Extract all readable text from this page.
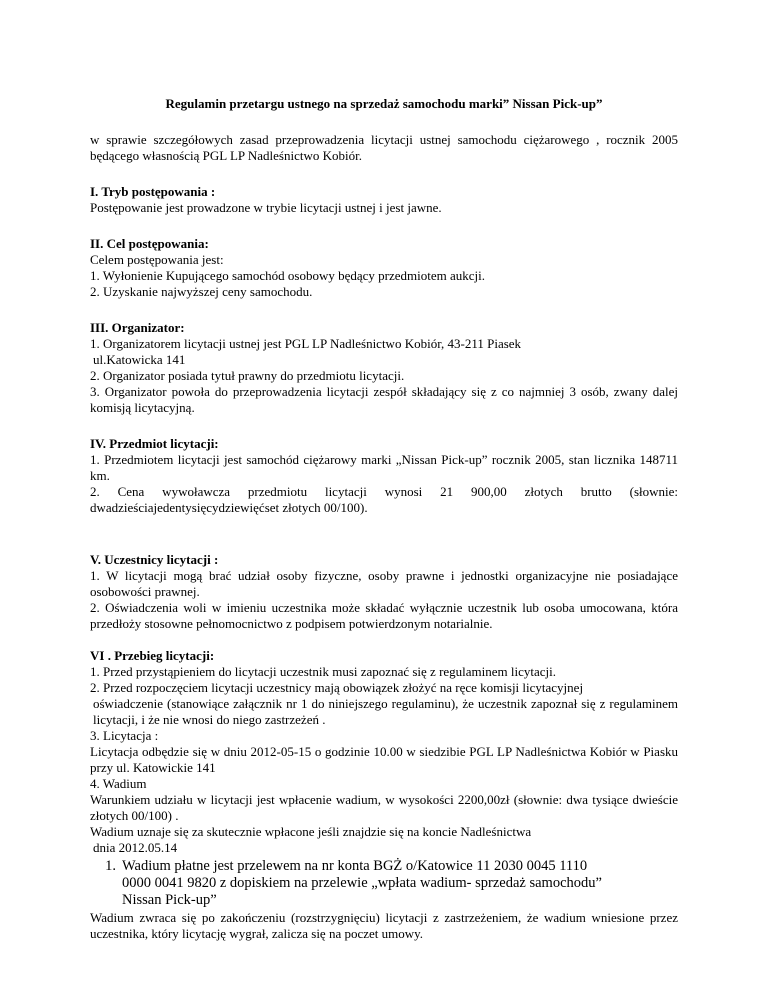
Regulamin przetargu ustnego na sprzedaż samochodu marki” Nissan Pick-up”

w sprawie szczegółowych zasad przeprowadzenia licytacji ustnej samochodu ciężarowego , rocznik 2005 będącego własnością PGL LP Nadleśnictwo Kobiór.

I. Tryb postępowania :

Postępowanie jest prowadzone w trybie licytacji ustnej i jest jawne.

II. Cel postępowania:

Celem postępowania jest:

1. Wyłonienie Kupującego samochód osobowy będący przedmiotem aukcji.

2. Uzyskanie najwyższej ceny samochodu.

III. Organizator:

1. Organizatorem licytacji ustnej jest PGL LP Nadleśnictwo Kobiór, 43-211 Piasek

ul.Katowicka 141

2. Organizator posiada tytuł prawny do przedmiotu licytacji.

3. Organizator powoła do przeprowadzenia licytacji zespół składający się z co najmniej 3 osób, zwany dalej komisją licytacyjną.

IV. Przedmiot licytacji:

1. Przedmiotem licytacji jest samochód ciężarowy marki „Nissan Pick-up” rocznik 2005, stan licznika 148711 km.

2. Cena wywoławcza przedmiotu licytacji wynosi 21 900,00 złotych brutto (słownie: dwadzieściajedentysięcydziewięćset złotych 00/100).

V. Uczestnicy licytacji :

1. W licytacji mogą brać udział osoby fizyczne, osoby prawne i jednostki organizacyjne nie posiadające osobowości prawnej.

2. Oświadczenia woli w imieniu uczestnika może składać wyłącznie uczestnik lub osoba umocowana, która przedłoży stosowne pełnomocnictwo z podpisem potwierdzonym notarialnie.

VI . Przebieg licytacji:

1. Przed przystąpieniem do licytacji uczestnik musi zapoznać się z regulaminem licytacji.

2. Przed rozpoczęciem licytacji uczestnicy mają obowiązek złożyć na ręce komisji licytacyjnej

oświadczenie (stanowiące załącznik nr 1 do niniejszego regulaminu), że uczestnik zapoznał się z regulaminem licytacji, i że nie wnosi do niego zastrzeżeń .

3. Licytacja :

Licytacja odbędzie się w dniu 2012-05-15 o godzinie 10.00 w siedzibie PGL LP Nadleśnictwa Kobiór w Piasku przy ul. Katowickie 141

4. Wadium

Warunkiem udziału w licytacji jest wpłacenie wadium, w wysokości 2200,00zł (słownie: dwa tysiące dwieście złotych 00/100) .

Wadium uznaje się za skutecznie wpłacone jeśli znajdzie się na koncie Nadleśnictwa

dnia 2012.05.14

1. Wadium płatne jest przelewem na nr konta BGŻ o/Katowice 11 2030 0045 1110 0000 0041 9820 z dopiskiem na przelewie „wpłata wadium- sprzedaż samochodu” Nissan Pick-up”

Wadium zwraca się po zakończeniu (rozstrzygnięciu) licytacji z zastrzeżeniem, że wadium wniesione przez uczestnika, który licytację wygrał, zalicza się na poczet umowy.
